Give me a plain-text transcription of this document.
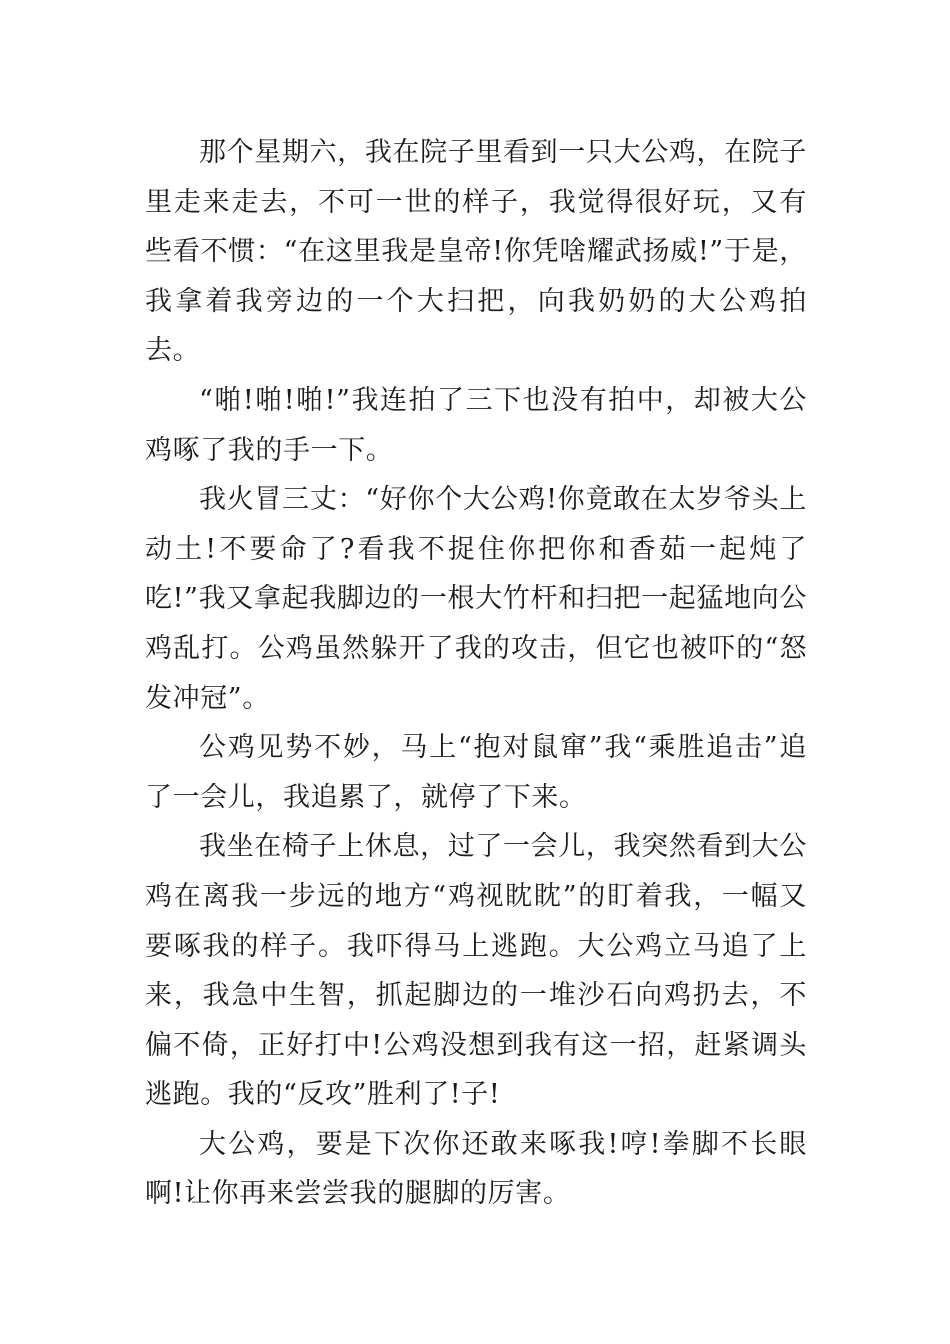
那个星期六，我在院子里看到一只大公鸡，在院子里走来走去，不可一世的样子，我觉得很好玩，又有些看不惯：“在这里我是皇帝!你凭啥耀武扬威!”于是，我拿着我旁边的一个大扫把，向我奶奶的大公鸡拍去。

“啪!啪!啪!”我连拍了三下也没有拍中，却被大公鸡啄了我的手一下。

我火冒三丈：“好你个大公鸡!你竟敢在太岁爷头上动土!不要命了?看我不捉住你把你和香茹一起炖了吃!”我又拿起我脚边的一根大竹杆和扫把一起猛地向公鸡乱打。公鸡虽然躲开了我的攻击，但它也被吓的“怒发冲冠”。

公鸡见势不妙，马上“抱对鼠窜”我“乘胜追击”追了一会儿，我追累了，就停了下来。

我坐在椅子上休息，过了一会儿，我突然看到大公鸡在离我一步远的地方“鸡视眈眈”的盯着我，一幅又要啄我的样子。我吓得马上逃跑。大公鸡立马追了上来，我急中生智，抓起脚边的一堆沙石向鸡扔去，不偏不倚，正好打中!公鸡没想到我有这一招，赶紧调头逃跑。我的“反攻”胜利了!子!

大公鸡，要是下次你还敢来啄我!哼!拳脚不长眼啊!让你再来尝尝我的腿脚的厉害。
